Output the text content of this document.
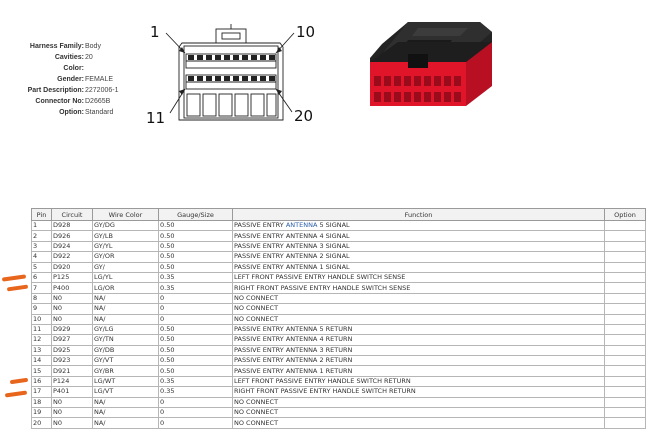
Harness Family: Body
Cavities: 20
Color:
Gender: FEMALE
Part Description: 2272006-1
Connector No: D2665B
Option: Standard
1	10
11	20
Pin	Circuit	Wire Color	Gauge/Size	Function	Option
1	D928	GY/DG	0.50	PASSIVE ENTRY ANTENNA 5 SIGNAL	
2	D926	GY/LB	0.50	PASSIVE ENTRY ANTENNA 4 SIGNAL	
3	D924	GY/YL	0.50	PASSIVE ENTRY ANTENNA 3 SIGNAL	
4	D922	GY/OR	0.50	PASSIVE ENTRY ANTENNA 2 SIGNAL	
5	D920	GY/	0.50	PASSIVE ENTRY ANTENNA 1 SIGNAL	
6	P125	LG/YL	0.35	LEFT FRONT PASSIVE ENTRY HANDLE SWITCH SENSE	
7	P400	LG/OR	0.35	RIGHT FRONT PASSIVE ENTRY HANDLE SWITCH SENSE	
8	N0	NA/	0	NO CONNECT	
9	N0	NA/	0	NO CONNECT	
10	N0	NA/	0	NO CONNECT	
11	D929	GY/LG	0.50	PASSIVE ENTRY ANTENNA 5 RETURN	
12	D927	GY/TN	0.50	PASSIVE ENTRY ANTENNA 4 RETURN	
13	D925	GY/DB	0.50	PASSIVE ENTRY ANTENNA 3 RETURN	
14	D923	GY/VT	0.50	PASSIVE ENTRY ANTENNA 2 RETURN	
15	D921	GY/BR	0.50	PASSIVE ENTRY ANTENNA 1 RETURN	
16	P124	LG/WT	0.35	LEFT FRONT PASSIVE ENTRY HANDLE SWITCH RETURN	
17	P401	LG/VT	0.35	RIGHT FRONT PASSIVE ENTRY HANDLE SWITCH RETURN	
18	N0	NA/	0	NO CONNECT	
19	N0	NA/	0	NO CONNECT	
20	N0	NA/	0	NO CONNECT	
